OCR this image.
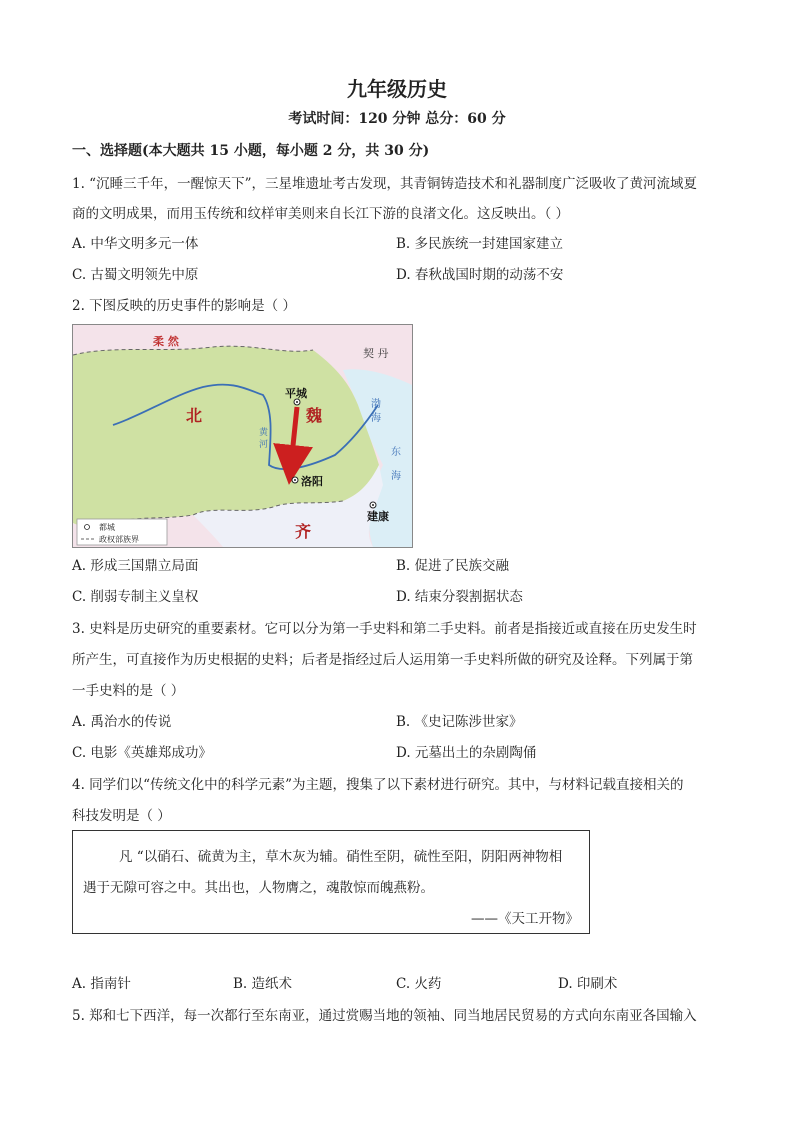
九年级历史
考试时间：120 分钟 总分：60 分
一、选择题(本大题共 15 小题，每小题 2 分，共 30 分)
1. “沉睡三千年，一醒惊天下”，三星堆遗址考古发现，其青铜铸造技术和礼器制度广泛吸收了黄河流域夏
商的文明成果，而用玉传统和纹样审美则来自长江下游的良渚文化。这反映出。（ ）
A. 中华文明多元一体	B. 多民族统一封建国家建立
C. 古蜀文明领先中原	D. 春秋战国时期的动荡不安
2. 下图反映的历史事件的影响是（ ）
柔 然
契 丹
北	魏
平城
洛阳
建康
齐
渤
海
东
海
黄
河
都城
政权部族界
A. 形成三国鼎立局面	B. 促进了民族交融
C. 削弱专制主义皇权	D. 结束分裂割据状态
3. 史料是历史研究的重要素材。它可以分为第一手史料和第二手史料。前者是指接近或直接在历史发生时
所产生，可直接作为历史根据的史料；后者是指经过后人运用第一手史料所做的研究及诠释。下列属于第
一手史料的是（ ）
A. 禹治水的传说	B. 《史记陈涉世家》
C. 电影《英雄郑成功》	D. 元墓出土的杂剧陶俑
4. 同学们以“传统文化中的科学元素”为主题，搜集了以下素材进行研究。其中，与材料记载直接相关的
科技发明是（ ）
凡 “以硝石、硫黄为主，草木灰为辅。硝性至阴，硫性至阳，阴阳两神物相
遇于无隙可容之中。其出也，人物膺之，魂散惊而魄燕粉。
——《天工开物》
A. 指南针	B. 造纸术	C. 火药	D. 印刷术
5. 郑和七下西洋，每一次都行至东南亚，通过赏赐当地的领袖、同当地居民贸易的方式向东南亚各国输入
